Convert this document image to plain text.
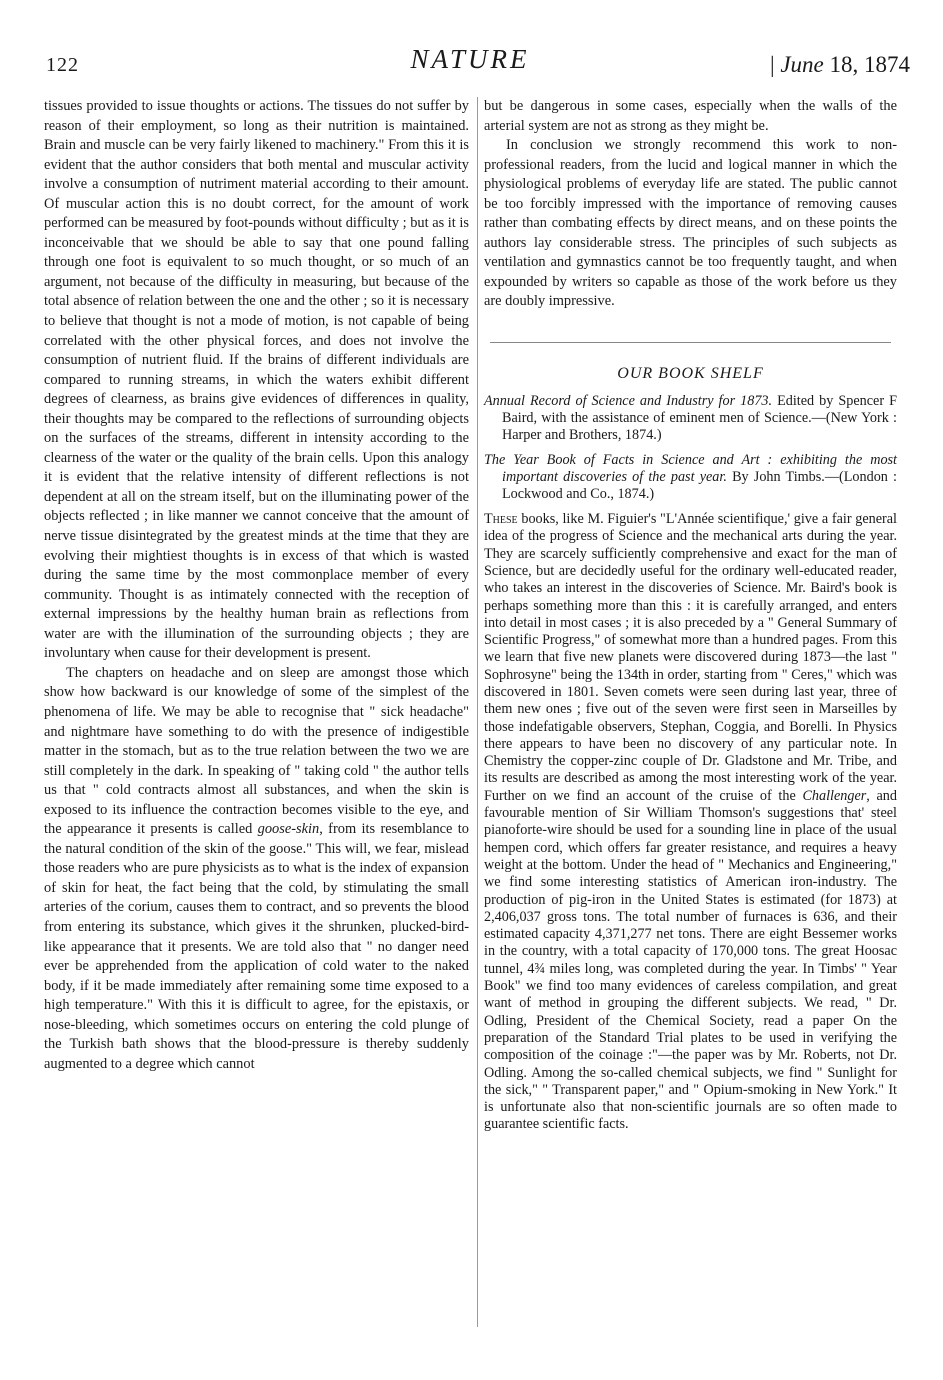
122	NATURE	| June 18, 1874

tissues provided to issue thoughts or actions. The tissues do not suffer by reason of their employment, so long as their nutrition is maintained. Brain and muscle can be very fairly likened to machinery." From this it is evident that the author considers that both mental and muscular activity involve a consumption of nutriment material according to their amount. Of muscular action this is no doubt correct, for the amount of work performed can be measured by foot-pounds without difficulty ; but as it is inconceivable that we should be able to say that one pound falling through one foot is equivalent to so much thought, or so much of an argument, not because of the difficulty in measuring, but because of the total absence of relation between the one and the other ; so it is necessary to believe that thought is not a mode of motion, is not capable of being correlated with the other physical forces, and does not involve the consumption of nutrient fluid. If the brains of different individuals are compared to running streams, in which the waters exhibit different degrees of clearness, as brains give evidences of differences in quality, their thoughts may be compared to the reflections of surrounding objects on the surfaces of the streams, different in intensity according to the clearness of the water or the quality of the brain cells. Upon this analogy it is evident that the relative intensity of different reflections is not dependent at all on the stream itself, but on the illuminating power of the objects reflected ; in like manner we cannot conceive that the amount of nerve tissue disintegrated by the greatest minds at the time that they are evolving their mightiest thoughts is in excess of that which is wasted during the same time by the most commonplace member of every community. Thought is as intimately connected with the reception of external impressions by the healthy human brain as reflections from water are with the illumination of the surrounding objects ; they are involuntary when cause for their development is present.

The chapters on headache and on sleep are amongst those which show how backward is our knowledge of some of the simplest of the phenomena of life. We may be able to recognise that " sick headache" and nightmare have something to do with the presence of indigestible matter in the stomach, but as to the true relation between the two we are still completely in the dark. In speaking of " taking cold " the author tells us that " cold contracts almost all substances, and when the skin is exposed to its influence the contraction becomes visible to the eye, and the appearance it presents is called goose-skin, from its resemblance to the natural condition of the skin of the goose." This will, we fear, mislead those readers who are pure physicists as to what is the index of expansion of skin for heat, the fact being that the cold, by stimulating the small arteries of the corium, causes them to contract, and so prevents the blood from entering its substance, which gives it the shrunken, plucked-bird-like appearance that it presents. We are told also that " no danger need ever be apprehended from the application of cold water to the naked body, if it be made immediately after remaining some time exposed to a high temperature." With this it is difficult to agree, for the epistaxis, or nose-bleeding, which sometimes occurs on entering the cold plunge of the Turkish bath shows that the blood-pressure is thereby suddenly augmented to a degree which cannot

but be dangerous in some cases, especially when the walls of the arterial system are not as strong as they might be.

In conclusion we strongly recommend this work to non-professional readers, from the lucid and logical manner in which the physiological problems of everyday life are stated. The public cannot be too forcibly impressed with the importance of removing causes rather than combating effects by direct means, and on these points the authors lay considerable stress. The principles of such subjects as ventilation and gymnastics cannot be too frequently taught, and when expounded by writers so capable as those of the work before us they are doubly impressive.

OUR BOOK SHELF

Annual Record of Science and Industry for 1873. Edited by Spencer F Baird, with the assistance of eminent men of Science.—(New York : Harper and Brothers, 1874.)

The Year Book of Facts in Science and Art : exhibiting the most important discoveries of the past year. By John Timbs.—(London : Lockwood and Co., 1874.)

These books, like M. Figuier's "L'Année scientifique,' give a fair general idea of the progress of Science and the mechanical arts during the year. They are scarcely sufficiently comprehensive and exact for the man of Science, but are decidedly useful for the ordinary well-educated reader, who takes an interest in the discoveries of Science. Mr. Baird's book is perhaps something more than this : it is carefully arranged, and enters into detail in most cases ; it is also preceded by a " General Summary of Scientific Progress," of somewhat more than a hundred pages. From this we learn that five new planets were discovered during 1873—the last " Sophrosyne" being the 134th in order, starting from " Ceres," which was discovered in 1801. Seven comets were seen during last year, three of them new ones ; five out of the seven were first seen in Marseilles by those indefatigable observers, Stephan, Coggia, and Borelli. In Physics there appears to have been no discovery of any particular note. In Chemistry the copper-zinc couple of Dr. Gladstone and Mr. Tribe, and its results are described as among the most interesting work of the year. Further on we find an account of the cruise of the Challenger, and favourable mention of Sir William Thomson's suggestions that' steel pianoforte-wire should be used for a sounding line in place of the usual hempen cord, which offers far greater resistance, and requires a heavy weight at the bottom. Under the head of " Mechanics and Engineering," we find some interesting statistics of American iron-industry. The production of pig-iron in the United States is estimated (for 1873) at 2,406,037 gross tons. The total number of furnaces is 636, and their estimated capacity 4,371,277 net tons. There are eight Bessemer works in the country, with a total capacity of 170,000 tons. The great Hoosac tunnel, 4¾ miles long, was completed during the year. In Timbs' " Year Book" we find too many evidences of careless compilation, and great want of method in grouping the different subjects. We read, " Dr. Odling, President of the Chemical Society, read a paper On the preparation of the Standard Trial plates to be used in verifying the composition of the coinage :"—the paper was by Mr. Roberts, not Dr. Odling. Among the so-called chemical subjects, we find " Sunlight for the sick," " Transparent paper," and " Opium-smoking in New York." It is unfortunate also that non-scientific journals are so often made to guarantee scientific facts.
